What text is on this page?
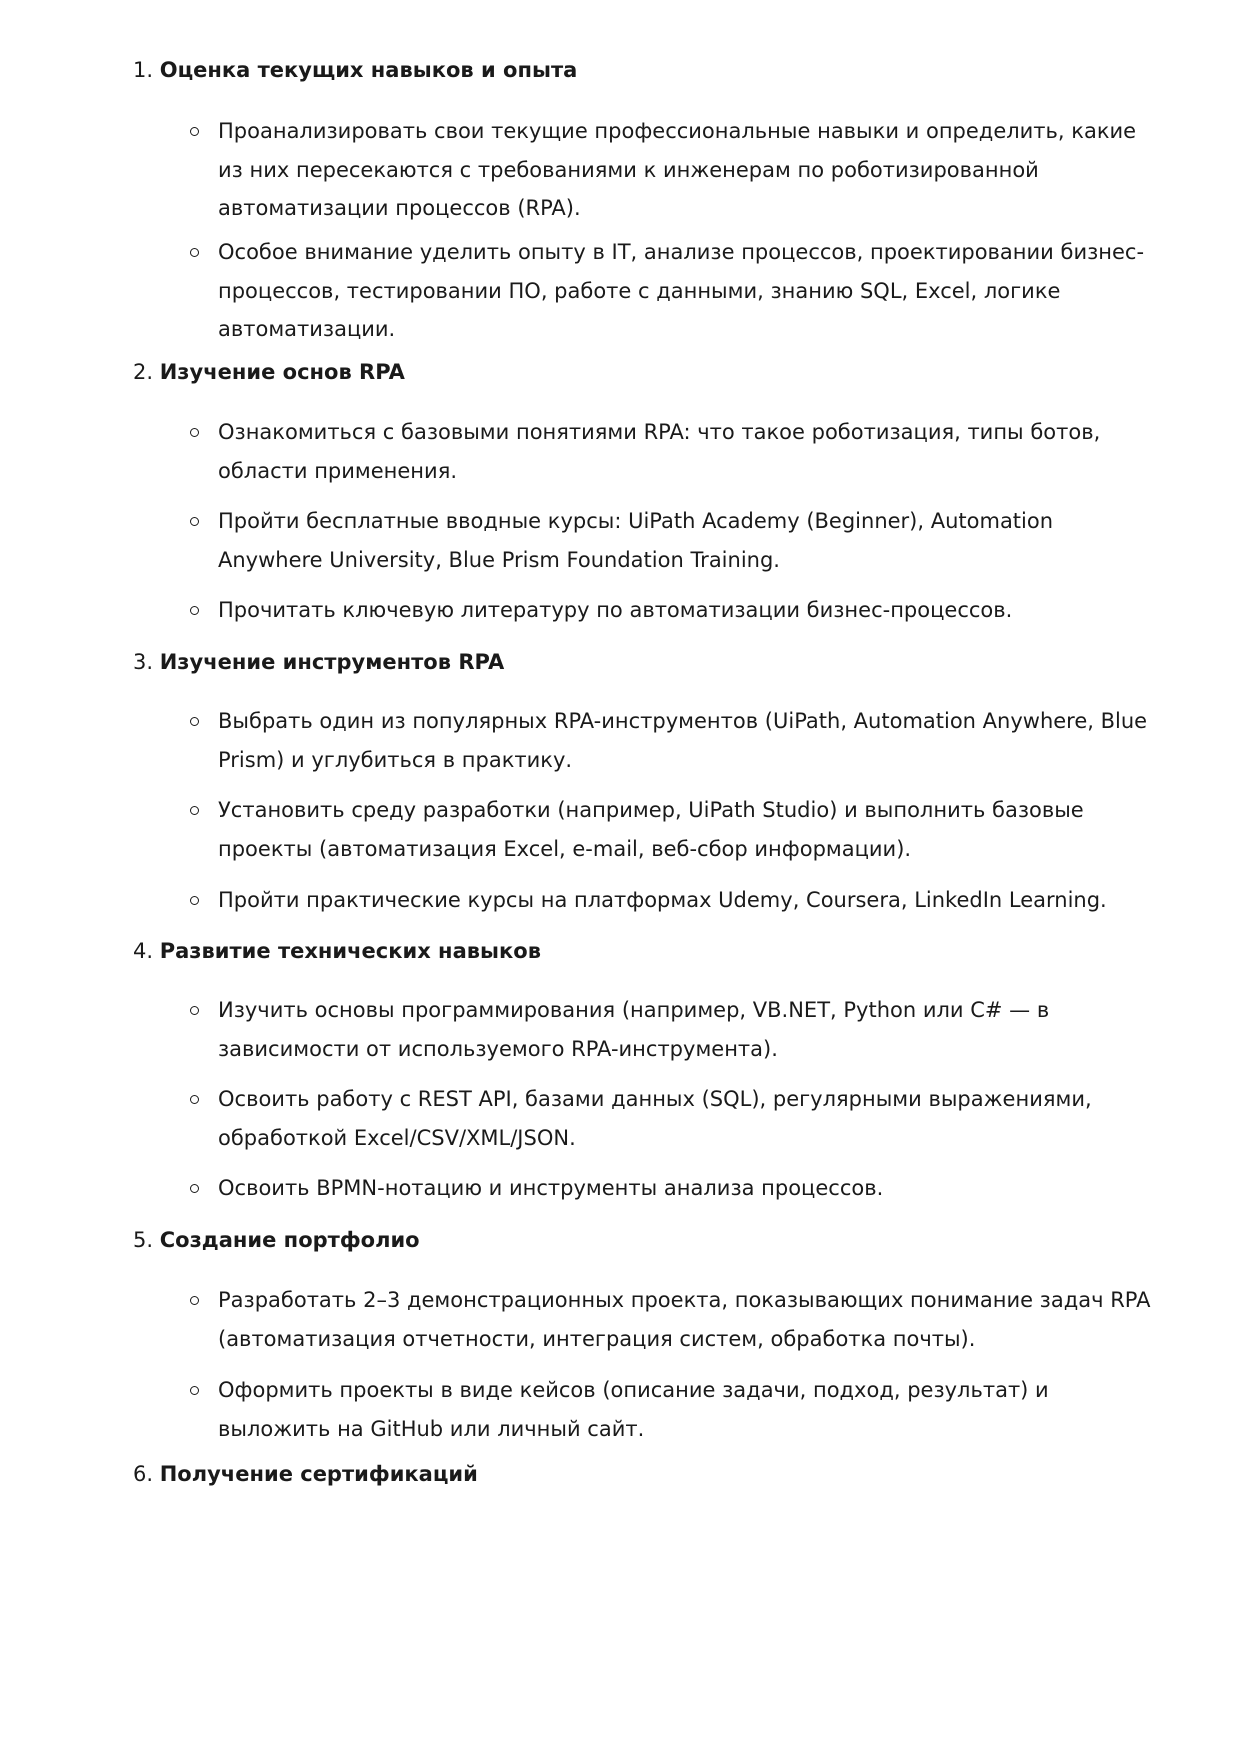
1. Оценка текущих навыков и опыта
Проанализировать свои текущие профессиональные навыки и определить, какие из них пересекаются с требованиями к инженерам по роботизированной автоматизации процессов (RPA).
Особое внимание уделить опыту в IT, анализе процессов, проектировании бизнес-процессов, тестировании ПО, работе с данными, знанию SQL, Excel, логике автоматизации.
2. Изучение основ RPA
Ознакомиться с базовыми понятиями RPA: что такое роботизация, типы ботов, области применения.
Пройти бесплатные вводные курсы: UiPath Academy (Beginner), Automation Anywhere University, Blue Prism Foundation Training.
Прочитать ключевую литературу по автоматизации бизнес-процессов.
3. Изучение инструментов RPA
Выбрать один из популярных RPA-инструментов (UiPath, Automation Anywhere, Blue Prism) и углубиться в практику.
Установить среду разработки (например, UiPath Studio) и выполнить базовые проекты (автоматизация Excel, e-mail, веб-сбор информации).
Пройти практические курсы на платформах Udemy, Coursera, LinkedIn Learning.
4. Развитие технических навыков
Изучить основы программирования (например, VB.NET, Python или C# — в зависимости от используемого RPA-инструмента).
Освоить работу с REST API, базами данных (SQL), регулярными выражениями, обработкой Excel/CSV/XML/JSON.
Освоить BPMN-нотацию и инструменты анализа процессов.
5. Создание портфолио
Разработать 2–3 демонстрационных проекта, показывающих понимание задач RPA (автоматизация отчетности, интеграция систем, обработка почты).
Оформить проекты в виде кейсов (описание задачи, подход, результат) и выложить на GitHub или личный сайт.
6. Получение сертификаций
